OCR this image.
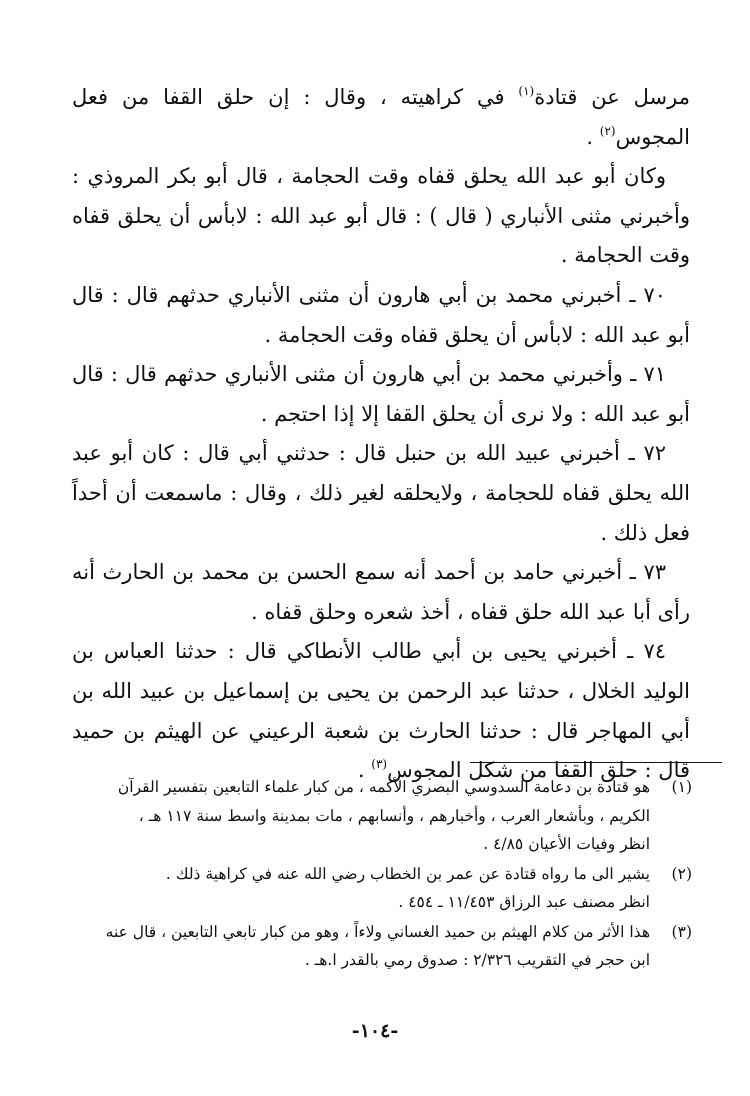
مرسل عن قتادة$^{(١)}$ في كراهيته ، وقال : إن حلق القفا من فعل المجوس$^{(٢)}$ .

وكان أبو عبد الله يحلق قفاه وقت الحجامة ، قال أبو بكر المروذي : وأخبرني مثنى الأنباري ( قال ) : قال أبو عبد الله : لابأس أن يحلق قفاه وقت الحجامة .

٧٠ ـ أخبرني محمد بن أبي هارون أن مثنى الأنباري حدثهم قال : قال أبو عبد الله : لابأس أن يحلق قفاه وقت الحجامة .

٧١ ـ وأخبرني محمد بن أبي هارون أن مثنى الأنباري حدثهم قال : قال أبو عبد الله : ولا نرى أن يحلق القفا إلا إذا احتجم .

٧٢ ـ أخبرني عبيد الله بن حنبل قال : حدثني أبي قال : كان أبو عبد الله يحلق قفاه للحجامة ، ولايحلقه لغير ذلك ، وقال : ماسمعت أن أحداً فعل ذلك .

٧٣ ـ أخبرني حامد بن أحمد أنه سمع الحسن بن محمد بن الحارث أنه رأى أبا عبد الله حلق قفاه ، أخذ شعره وحلق قفاه .

٧٤ ـ أخبرني يحيى بن أبي طالب الأنطاكي قال : حدثنا العباس بن الوليد الخلال ، حدثنا عبد الرحمن بن يحيى بن إسماعيل بن عبيد الله بن أبي المهاجر قال : حدثنا الحارث بن شعبة الرعيني عن الهيثم بن حميد قال : حلق القفا من شكل المجوس$^{(٣)}$ .

(١)
هو قتادة بن دعامة السدوسي البصري الأكمه ، من كبار علماء التابعين بتفسير القرآن
الكريم ، وبأشعار العرب ، وأخبارهم ، وأنسابهم ، مات بمدينة واسط سنة ١١٧ هـ ،
انظر وفيات الأعيان ٤/٨٥ .
(٢)
يشير الى ما رواه قتادة عن عمر بن الخطاب رضي الله عنه في كراهية ذلك .
انظر مصنف عبد الرزاق ١١/٤٥٣ ـ ٤٥٤ .
(٣)
هذا الأثر من كلام الهيثم بن حميد الغساني ولاءاً ، وهو من كبار تابعي التابعين ، قال عنه
ابن حجر في التقريب ٢/٣٢٦ : صدوق رمي بالقدر ا.هـ .
-١٠٤-
